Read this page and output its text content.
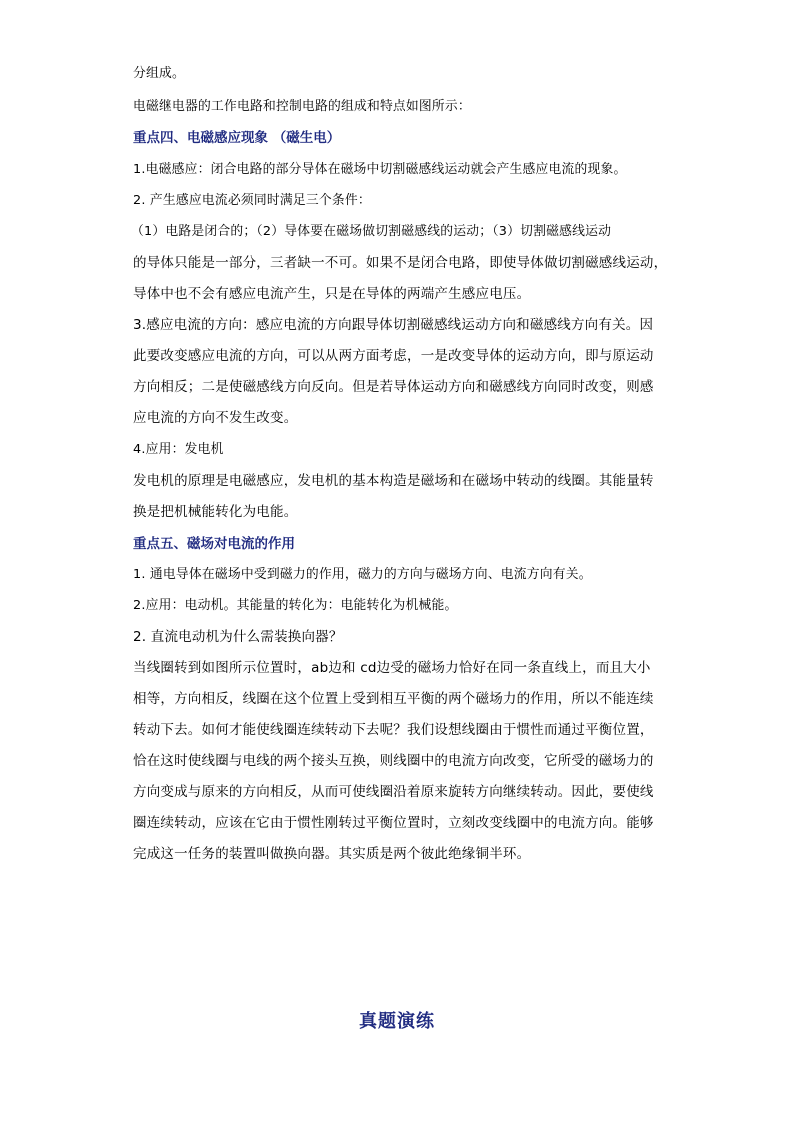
分组成。
电磁继电器的工作电路和控制电路的组成和特点如图所示：
重点四、电磁感应现象 （磁生电）
1.电磁感应：闭合电路的部分导体在磁场中切割磁感线运动就会产生感应电流的现象。
2. 产生感应电流必须同时满足三个条件：
（1）电路是闭合的；（2）导体要在磁场做切割磁感线的运动；（3）切割磁感线运动
的导体只能是一部分，三者缺一不可。如果不是闭合电路，即使导体做切割磁感线运动，
导体中也不会有感应电流产生，只是在导体的两端产生感应电压。
3.感应电流的方向：感应电流的方向跟导体切割磁感线运动方向和磁感线方向有关。因
此要改变感应电流的方向，可以从两方面考虑，一是改变导体的运动方向，即与原运动
方向相反；二是使磁感线方向反向。但是若导体运动方向和磁感线方向同时改变，则感
应电流的方向不发生改变。
4.应用：发电机
发电机的原理是电磁感应，发电机的基本构造是磁场和在磁场中转动的线圈。其能量转
换是把机械能转化为电能。
重点五、磁场对电流的作用
1. 通电导体在磁场中受到磁力的作用，磁力的方向与磁场方向、电流方向有关。
2.应用：电动机。其能量的转化为：电能转化为机械能。
2. 直流电动机为什么需装换向器？
当线圈转到如图所示位置时，ab边和 cd边受的磁场力恰好在同一条直线上，而且大小
相等，方向相反，线圈在这个位置上受到相互平衡的两个磁场力的作用，所以不能连续
转动下去。如何才能使线圈连续转动下去呢？我们设想线圈由于惯性而通过平衡位置，
恰在这时使线圈与电线的两个接头互换，则线圈中的电流方向改变，它所受的磁场力的
方向变成与原来的方向相反，从而可使线圈沿着原来旋转方向继续转动。因此，要使线
圈连续转动，应该在它由于惯性刚转过平衡位置时，立刻改变线圈中的电流方向。能够
完成这一任务的装置叫做换向器。其实质是两个彼此绝缘铜半环。
真题演练
